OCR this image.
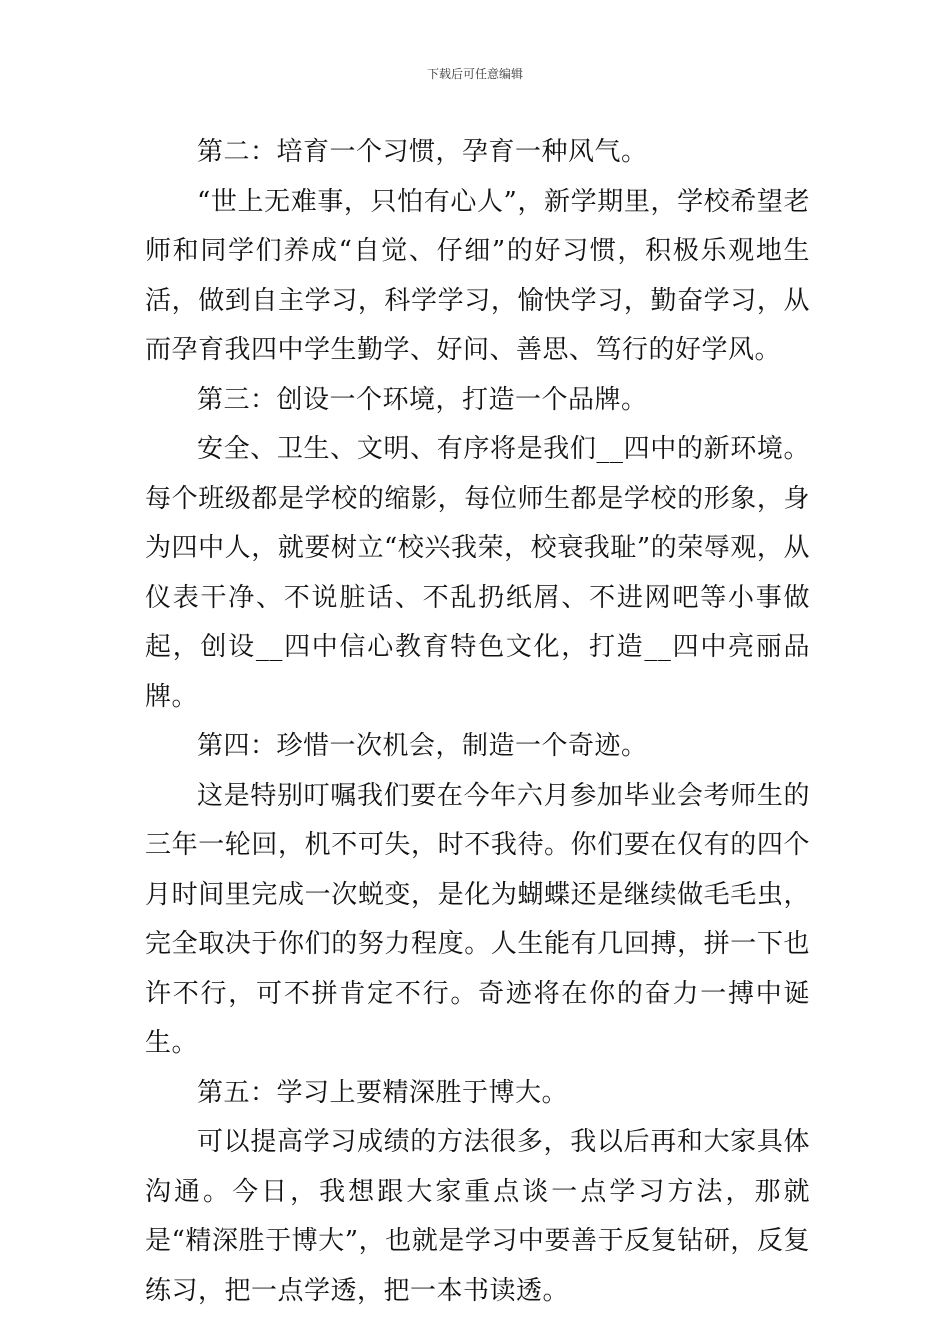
下载后可任意编辑

第二：培育一个习惯，孕育一种风气。

“世上无难事，只怕有心人”，新学期里，学校希望老师和同学们养成“自觉、仔细”的好习惯，积极乐观地生活，做到自主学习，科学学习，愉快学习，勤奋学习，从而孕育我四中学生勤学、好问、善思、笃行的好学风。

第三：创设一个环境，打造一个品牌。

安全、卫生、文明、有序将是我们__四中的新环境。每个班级都是学校的缩影，每位师生都是学校的形象，身为四中人，就要树立“校兴我荣，校衰我耻”的荣辱观，从仪表干净、不说脏话、不乱扔纸屑、不进网吧等小事做起，创设__四中信心教育特色文化，打造__四中亮丽品牌。

第四：珍惜一次机会，制造一个奇迹。

这是特别叮嘱我们要在今年六月参加毕业会考师生的三年一轮回，机不可失，时不我待。你们要在仅有的四个月时间里完成一次蜕变，是化为蝴蝶还是继续做毛毛虫，完全取决于你们的努力程度。人生能有几回搏，拼一下也许不行，可不拼肯定不行。奇迹将在你的奋力一搏中诞生。

第五：学习上要精深胜于博大。

可以提高学习成绩的方法很多，我以后再和大家具体沟通。今日，我想跟大家重点谈一点学习方法，那就是“精深胜于博大”，也就是学习中要善于反复钻研，反复练习，把一点学透，把一本书读透。
